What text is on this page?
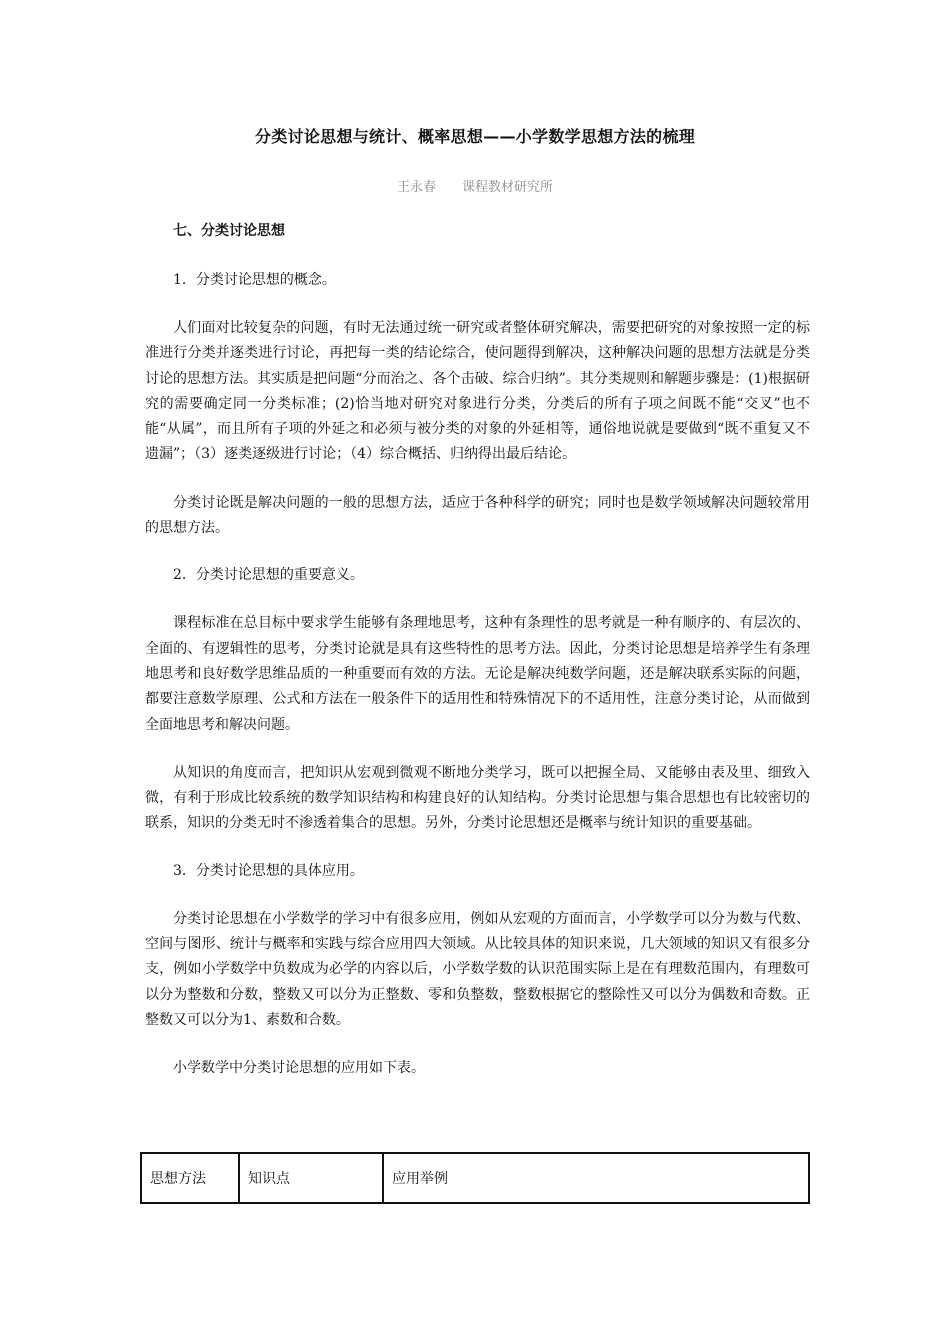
分类讨论思想与统计、概率思想——小学数学思想方法的梳理

王永春 课程教材研究所

七、分类讨论思想

1．分类讨论思想的概念。

人们面对比较复杂的问题，有时无法通过统一研究或者整体研究解决，需要把研究的对象按照一定的标准进行分类并逐类进行讨论，再把每一类的结论综合，使问题得到解决，这种解决问题的思想方法就是分类讨论的思想方法。其实质是把问题“分而治之、各个击破、综合归纳”。其分类规则和解题步骤是：(1)根据研究的需要确定同一分类标准；(2)恰当地对研究对象进行分类，分类后的所有子项之间既不能“交叉”也不能“从属”，而且所有子项的外延之和必须与被分类的对象的外延相等，通俗地说就是要做到“既不重复又不遗漏”；（3）逐类逐级进行讨论；（4）综合概括、归纳得出最后结论。

分类讨论既是解决问题的一般的思想方法，适应于各种科学的研究；同时也是数学领域解决问题较常用的思想方法。

2．分类讨论思想的重要意义。

课程标准在总目标中要求学生能够有条理地思考，这种有条理性的思考就是一种有顺序的、有层次的、全面的、有逻辑性的思考，分类讨论就是具有这些特性的思考方法。因此，分类讨论思想是培养学生有条理地思考和良好数学思维品质的一种重要而有效的方法。无论是解决纯数学问题，还是解决联系实际的问题，都要注意数学原理、公式和方法在一般条件下的适用性和特殊情况下的不适用性，注意分类讨论，从而做到全面地思考和解决问题。

从知识的角度而言，把知识从宏观到微观不断地分类学习，既可以把握全局、又能够由表及里、细致入微，有利于形成比较系统的数学知识结构和构建良好的认知结构。分类讨论思想与集合思想也有比较密切的联系，知识的分类无时不渗透着集合的思想。另外，分类讨论思想还是概率与统计知识的重要基础。

3．分类讨论思想的具体应用。

分类讨论思想在小学数学的学习中有很多应用，例如从宏观的方面而言，小学数学可以分为数与代数、空间与图形、统计与概率和实践与综合应用四大领域。从比较具体的知识来说，几大领域的知识又有很多分支，例如小学数学中负数成为必学的内容以后，小学数学数的认识范围实际上是在有理数范围内，有理数可以分为整数和分数，整数又可以分为正整数、零和负整数，整数根据它的整除性又可以分为偶数和奇数。正整数又可以分为1、素数和合数。

小学数学中分类讨论思想的应用如下表。

思想方法	知识点	应用举例
